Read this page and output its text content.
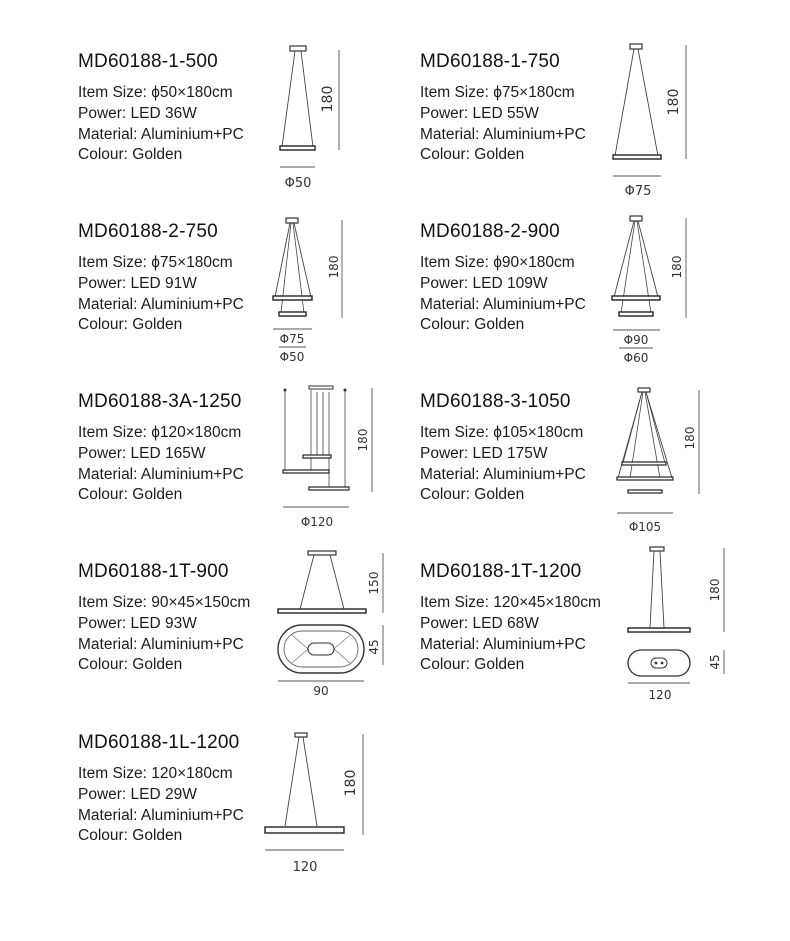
MD60188-1-500
Item Size: ϕ50×180cm
Power: LED 36W
Material: Aluminium+PC
Colour: Golden
180
Φ50
MD60188-1-750
Item Size: ϕ75×180cm
Power: LED 55W
Material: Aluminium+PC
Colour: Golden
180
Φ75
MD60188-2-750
Item Size: ϕ75×180cm
Power: LED 91W
Material: Aluminium+PC
Colour: Golden
180
Φ75
Φ50
MD60188-2-900
Item Size: ϕ90×180cm
Power: LED 109W
Material: Aluminium+PC
Colour: Golden
180
Φ90
Φ60
MD60188-3A-1250
Item Size: ϕ120×180cm
Power: LED 165W
Material: Aluminium+PC
Colour: Golden
180
Φ120
MD60188-3-1050
Item Size: ϕ105×180cm
Power: LED 175W
Material: Aluminium+PC
Colour: Golden
180
Φ105
MD60188-1T-900
Item Size: 90×45×150cm
Power: LED 93W
Material: Aluminium+PC
Colour: Golden
150
45
90
MD60188-1T-1200
Item Size: 120×45×180cm
Power: LED 68W
Material: Aluminium+PC
Colour: Golden
180
45
120
MD60188-1L-1200
Item Size: 120×180cm
Power: LED 29W
Material: Aluminium+PC
Colour: Golden
180
120
